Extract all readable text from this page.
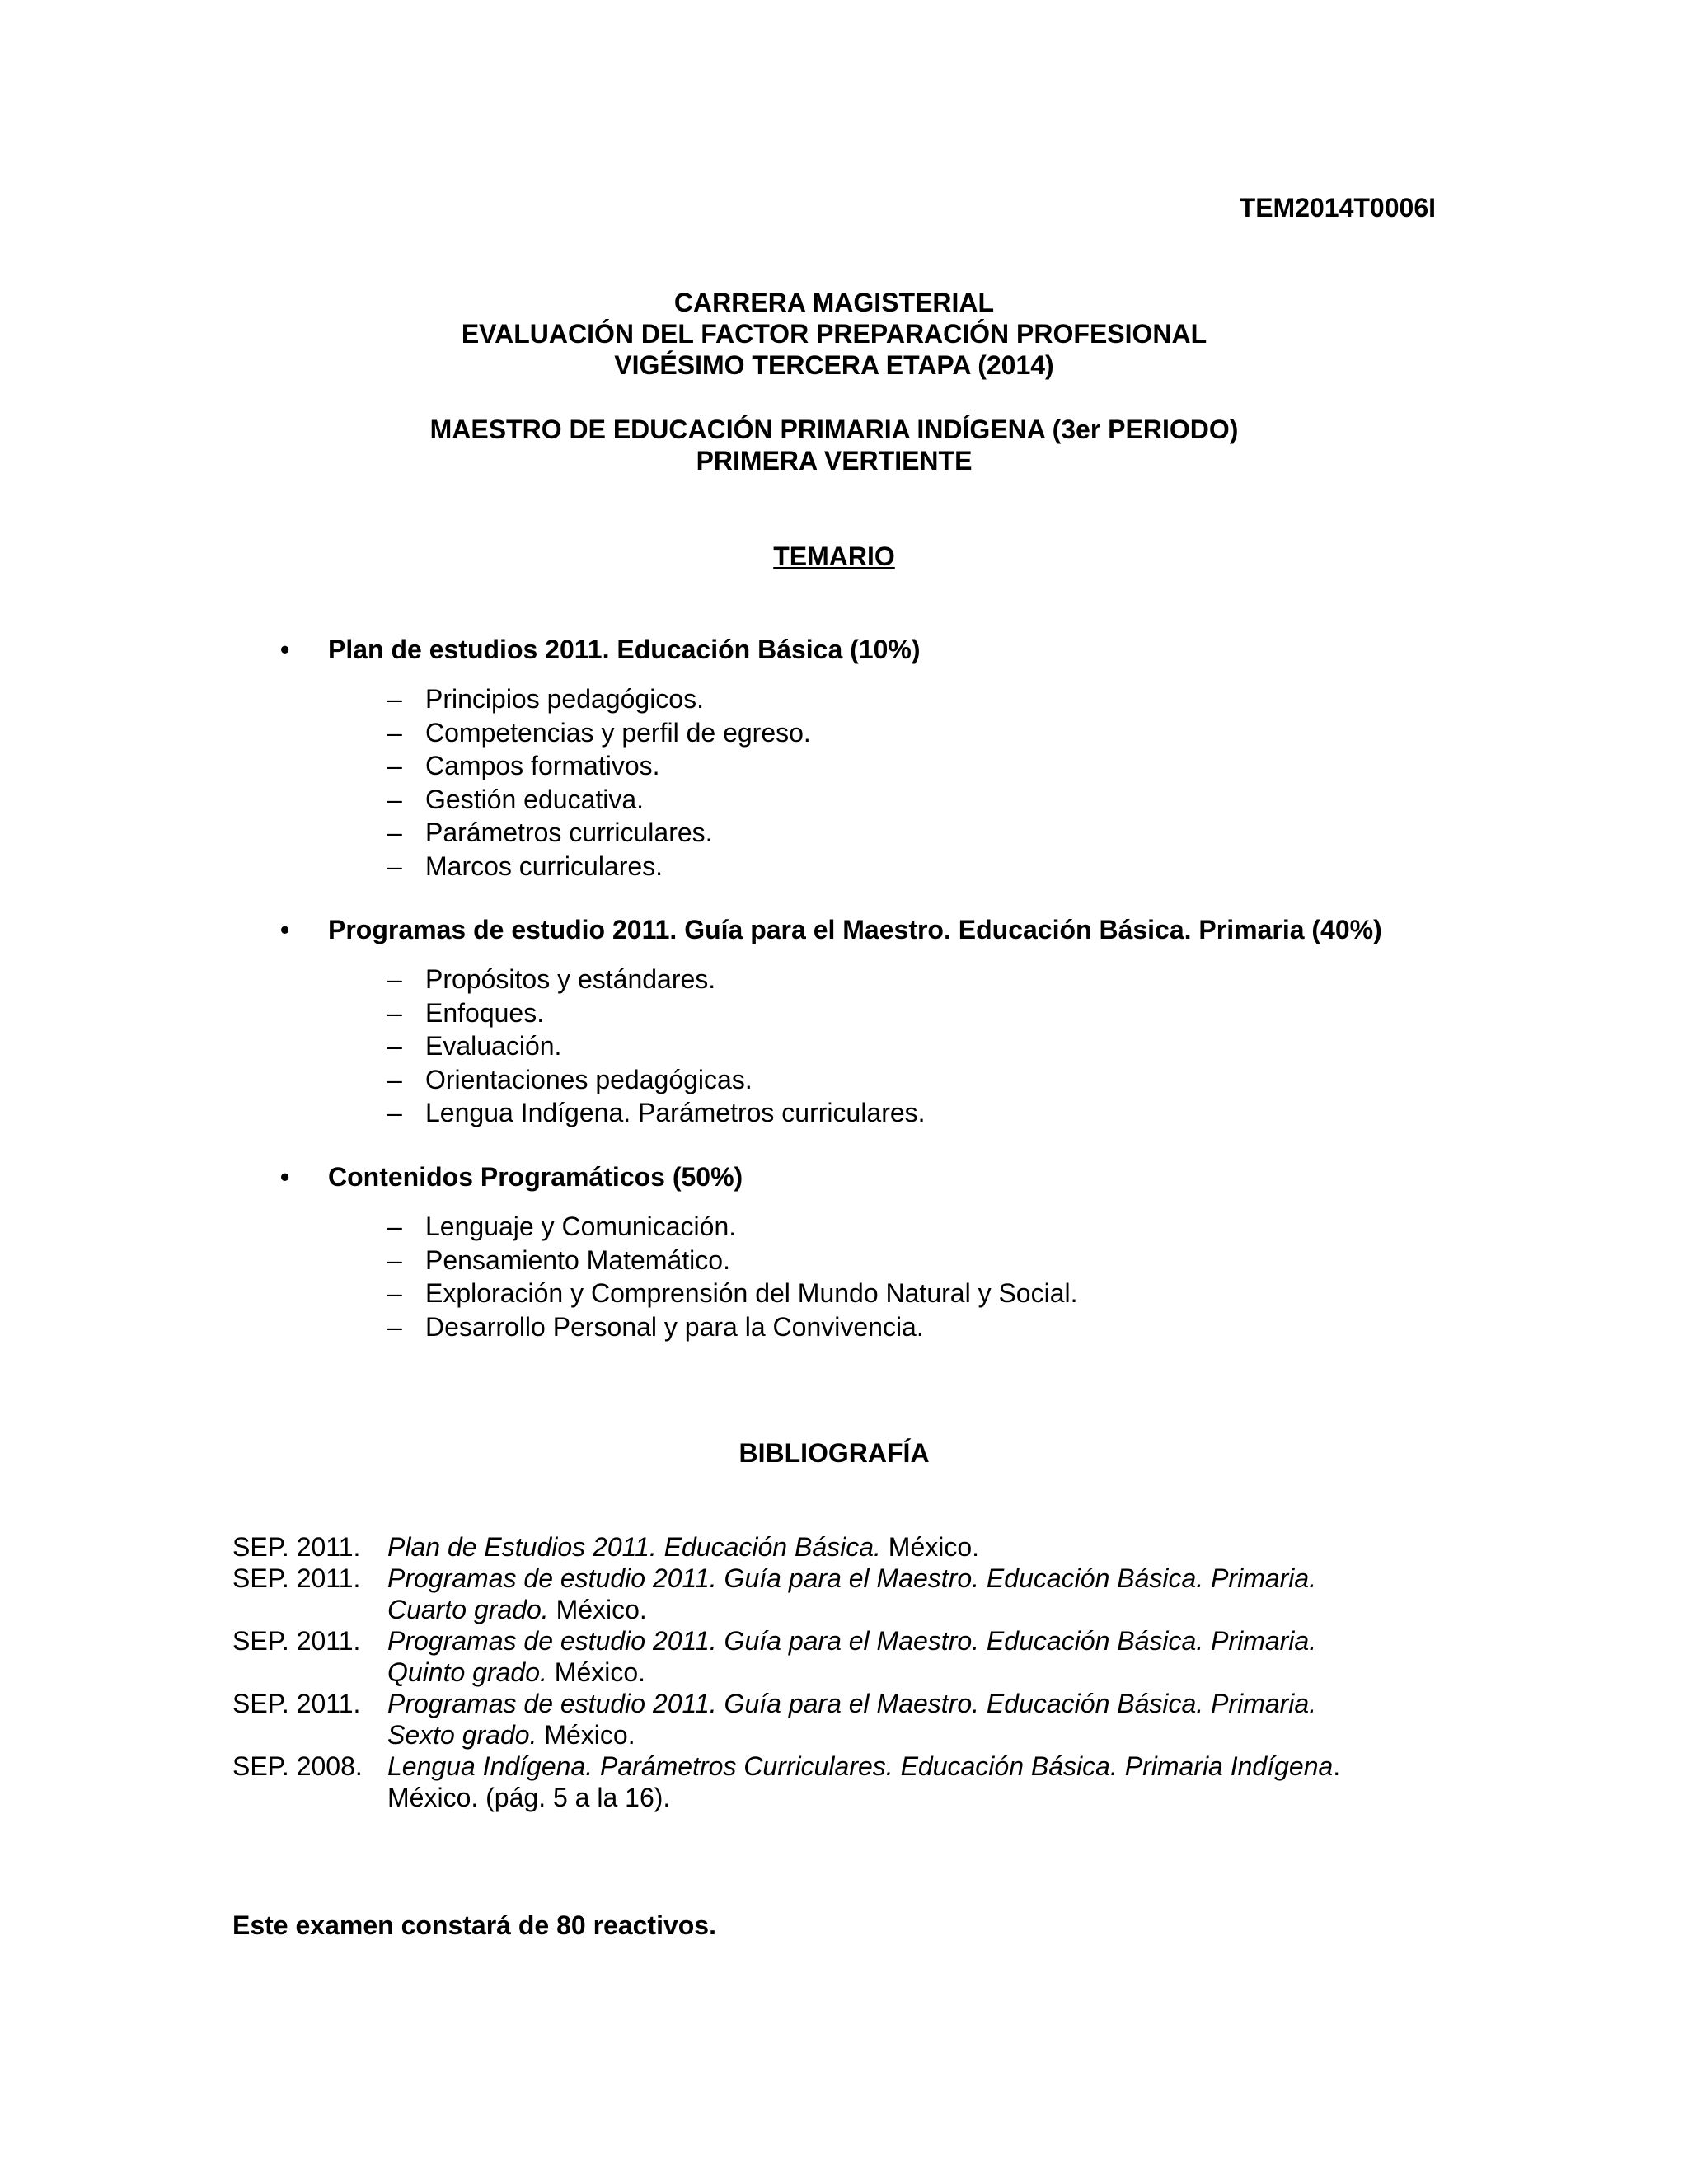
TEM2014T0006I
CARRERA MAGISTERIAL
EVALUACIÓN DEL FACTOR PREPARACIÓN PROFESIONAL
VIGÉSIMO TERCERA ETAPA (2014)
MAESTRO DE EDUCACIÓN PRIMARIA INDÍGENA (3er PERIODO)
PRIMERA VERTIENTE
TEMARIO
• Plan de estudios 2011. Educación Básica (10%)
– Principios pedagógicos.
– Competencias y perfil de egreso.
– Campos formativos.
– Gestión educativa.
– Parámetros curriculares.
– Marcos curriculares.
• Programas de estudio 2011. Guía para el Maestro. Educación Básica. Primaria (40%)
– Propósitos y estándares.
– Enfoques.
– Evaluación.
– Orientaciones pedagógicas.
– Lengua Indígena. Parámetros curriculares.
• Contenidos Programáticos (50%)
– Lenguaje y Comunicación.
– Pensamiento Matemático.
– Exploración y Comprensión del Mundo Natural y Social.
– Desarrollo Personal y para la Convivencia.
BIBLIOGRAFÍA
SEP. 2011. Plan de Estudios 2011. Educación Básica. México.
SEP. 2011. Programas de estudio 2011. Guía para el Maestro. Educación Básica. Primaria.
Cuarto grado. México.
SEP. 2011. Programas de estudio 2011. Guía para el Maestro. Educación Básica. Primaria.
Quinto grado. México.
SEP. 2011. Programas de estudio 2011. Guía para el Maestro. Educación Básica. Primaria.
Sexto grado. México.
SEP. 2008. Lengua Indígena. Parámetros Curriculares. Educación Básica. Primaria Indígena.
México. (pág. 5 a la 16).
Este examen constará de 80 reactivos.
